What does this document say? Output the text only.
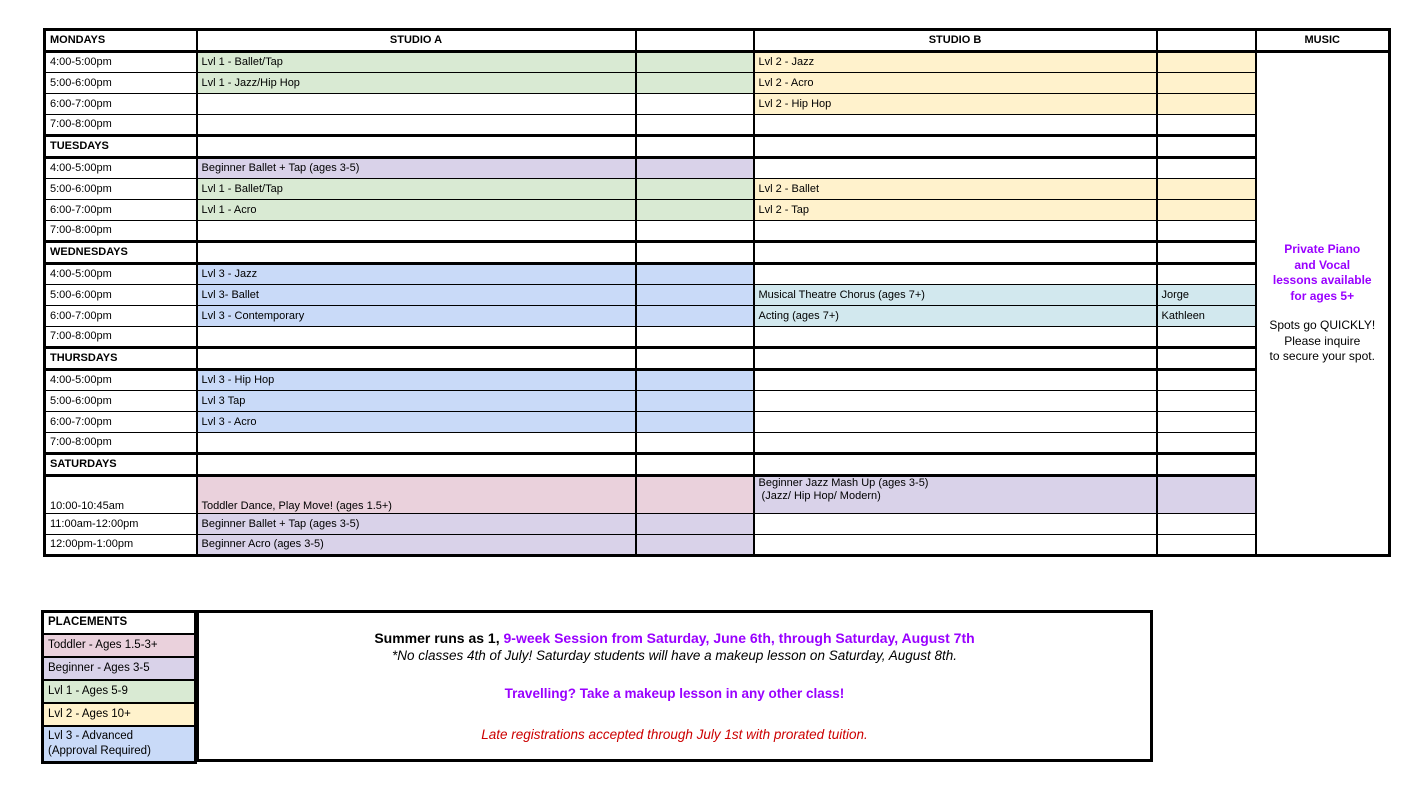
MONDAYS	STUDIO A		STUDIO B		MUSIC
4:00-5:00pm	Lvl 1 - Ballet/Tap		Lvl 2 - Jazz		
Private Piano
and Vocal
lessons available
for ages 5+
Spots go QUICKLY!
Please inquire
to secure your spot.

5:00-6:00pm	Lvl 1 - Jazz/Hip Hop		Lvl 2 - Acro		
6:00-7:00pm			Lvl 2 - Hip Hop		
7:00-8:00pm					
TUESDAYS					
4:00-5:00pm	Beginner Ballet + Tap (ages 3-5)				
5:00-6:00pm	Lvl 1 - Ballet/Tap		Lvl 2 - Ballet		
6:00-7:00pm	Lvl 1 - Acro		Lvl 2 - Tap		
7:00-8:00pm					
WEDNESDAYS					
4:00-5:00pm	Lvl 3 - Jazz				
5:00-6:00pm	Lvl 3- Ballet		Musical Theatre Chorus (ages 7+)	Jorge	
6:00-7:00pm	Lvl 3 - Contemporary		Acting (ages 7+)	Kathleen	
7:00-8:00pm					
THURSDAYS					
4:00-5:00pm	Lvl 3 - Hip Hop				
5:00-6:00pm	Lvl 3 Tap				
6:00-7:00pm	Lvl 3 - Acro				
7:00-8:00pm					
SATURDAYS					
10:00-10:45am	Toddler Dance, Play Move! (ages 1.5+)		Beginner Jazz Mash Up (ages 3-5)
(Jazz/ Hip Hop/ Modern)		

11:00am-12:00pm	Beginner Ballet + Tap (ages 3-5)				
12:00pm-1:00pm	Beginner Acro (ages 3-5)				
PLACEMENTS

Toddler - Ages 1.5-3+

Beginner - Ages 3-5

Lvl 1 - Ages 5-9

Lvl 2 - Ages 10+

Lvl 3 - Advanced
(Approval Required)
Summer runs as 1, 9-week Session from Saturday, June 6th, through Saturday, August 7th
*No classes 4th of July! Saturday students will have a makeup lesson on Saturday, August 8th.
Travelling? Take a makeup lesson in any other class!
Late registrations accepted through July 1st with prorated tuition.
